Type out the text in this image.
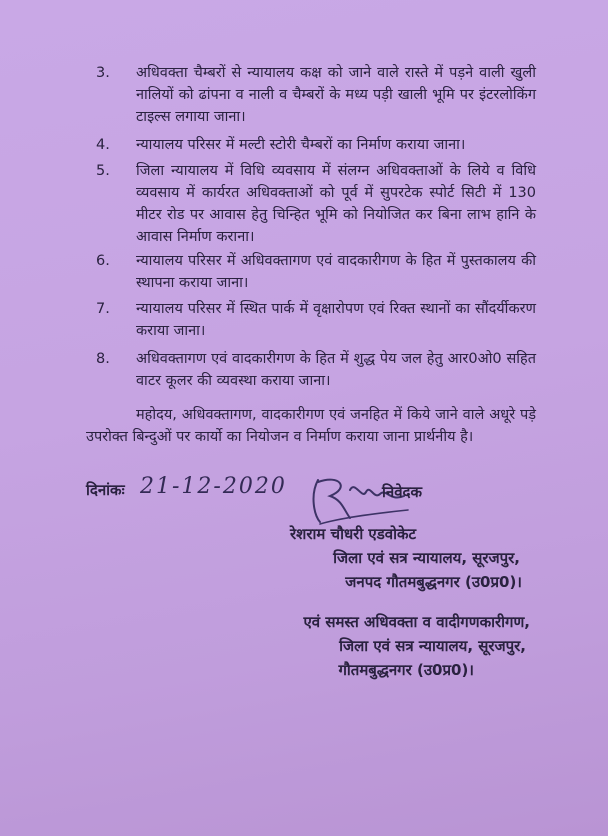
3.	अधिवक्ता चैम्बरों से न्यायालय कक्ष को जाने वाले रास्ते में पड़ने वाली खुली नालियों को ढांपना व नाली व चैम्बरों के मध्य पड़ी खाली भूमि पर इंटरलोकिंग टाइल्स लगाया जाना।
4.	न्यायालय परिसर में मल्टी स्टोरी चैम्बरों का निर्माण कराया जाना।
5.	जिला न्यायालय में विधि व्यवसाय में संलग्न अधिवक्ताओं के लिये व विधि व्यवसाय में कार्यरत अधिवक्ताओं को पूर्व में सुपरटेक स्पोर्ट सिटी में 130 मीटर रोड पर आवास हेतु चिन्हित भूमि को नियोजित कर बिना लाभ हानि के आवास निर्माण कराना।
6.	न्यायालय परिसर में अधिवक्तागण एवं वादकारीगण के हित में पुस्तकालय की स्थापना कराया जाना।
7.	न्यायालय परिसर में स्थित पार्क में वृक्षारोपण एवं रिक्त स्थानों का सौंदर्यीकरण कराया जाना।
8.	अधिवक्तागण एवं वादकारीगण के हित में शुद्ध पेय जल हेतु आर0ओ0 सहित वाटर कूलर की व्यवस्था कराया जाना।
महोदय, अधिवक्तागण, वादकारीगण एवं जनहित में किये जाने वाले अधूरे पड़े उपरोक्त बिन्दुओं पर कार्यो का नियोजन व निर्माण कराया जाना प्रार्थनीय है।
दिनांकः 21-12-2020	निवेदक
रेशराम चौधरी एडवोकेट
जिला एवं सत्र न्यायालय, सूरजपुर,
जनपद गौतमबुद्धनगर (उ0प्र0)।
एवं समस्त अधिवक्ता व वादीगणकारीगण,
जिला एवं सत्र न्यायालय, सूरजपुर,
गौतमबुद्धनगर (उ0प्र0)।
